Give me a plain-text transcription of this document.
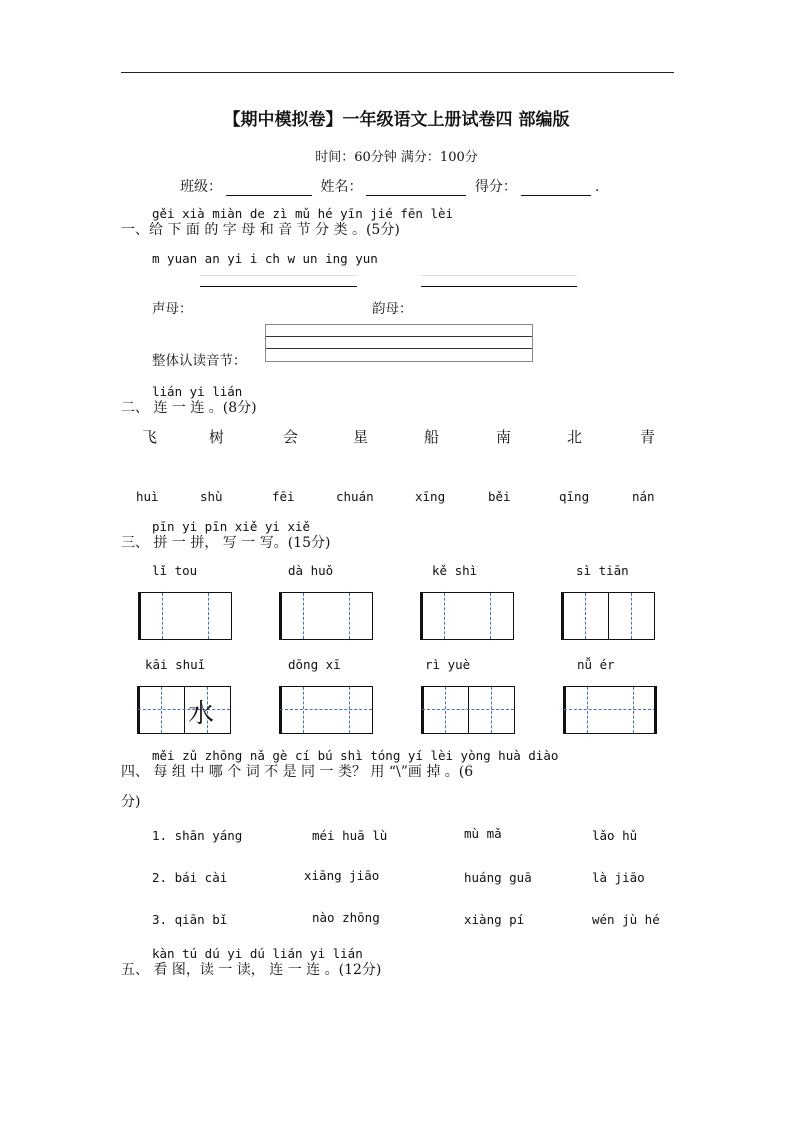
【期中模拟卷】一年级语文上册试卷四 部编版
时间：60分钟 满分：100分
班级：	姓名：	得分：	.
gěi xià miàn de zì mǔ hé yīn jié fēn lèi
一、给 下 面 的 字 母 和 音 节 分 类 。(5分)
m yuan an yi i ch w un ing yun
声母：	韵母：
整体认读音节：
lián yi lián
二、 连 一 连 。(8分)
飞	树	会	星	船	南	北	青
huì	shù	fēi	chuán	xīng	běi	qīng	nán
pīn yi pīn xiě yi xiě
三、 拼 一 拼， 写 一 写。(15分)
lǐ tou	dà huǒ	kě shì	sì tiān
kāi shuǐ	dōng xī	rì yuè	nǚ ér
水
měi zǔ zhōng nǎ gè cí bú shì tóng yí lèi yòng huà diào
四、 每 组 中 哪 个 词 不 是 同 一 类？ 用 “\”画 掉 。(6
分)
1. shān yáng	méi huā lù	mù mǎ	lǎo hǔ
2. bái cài	xiāng jiāo	huáng guā	là jiāo
3. qiān bǐ	nào zhōng	xiàng pí	wén jù hé
kàn tú dú yi dú lián yi lián
五、 看 图，读 一 读， 连 一 连 。(12分)
